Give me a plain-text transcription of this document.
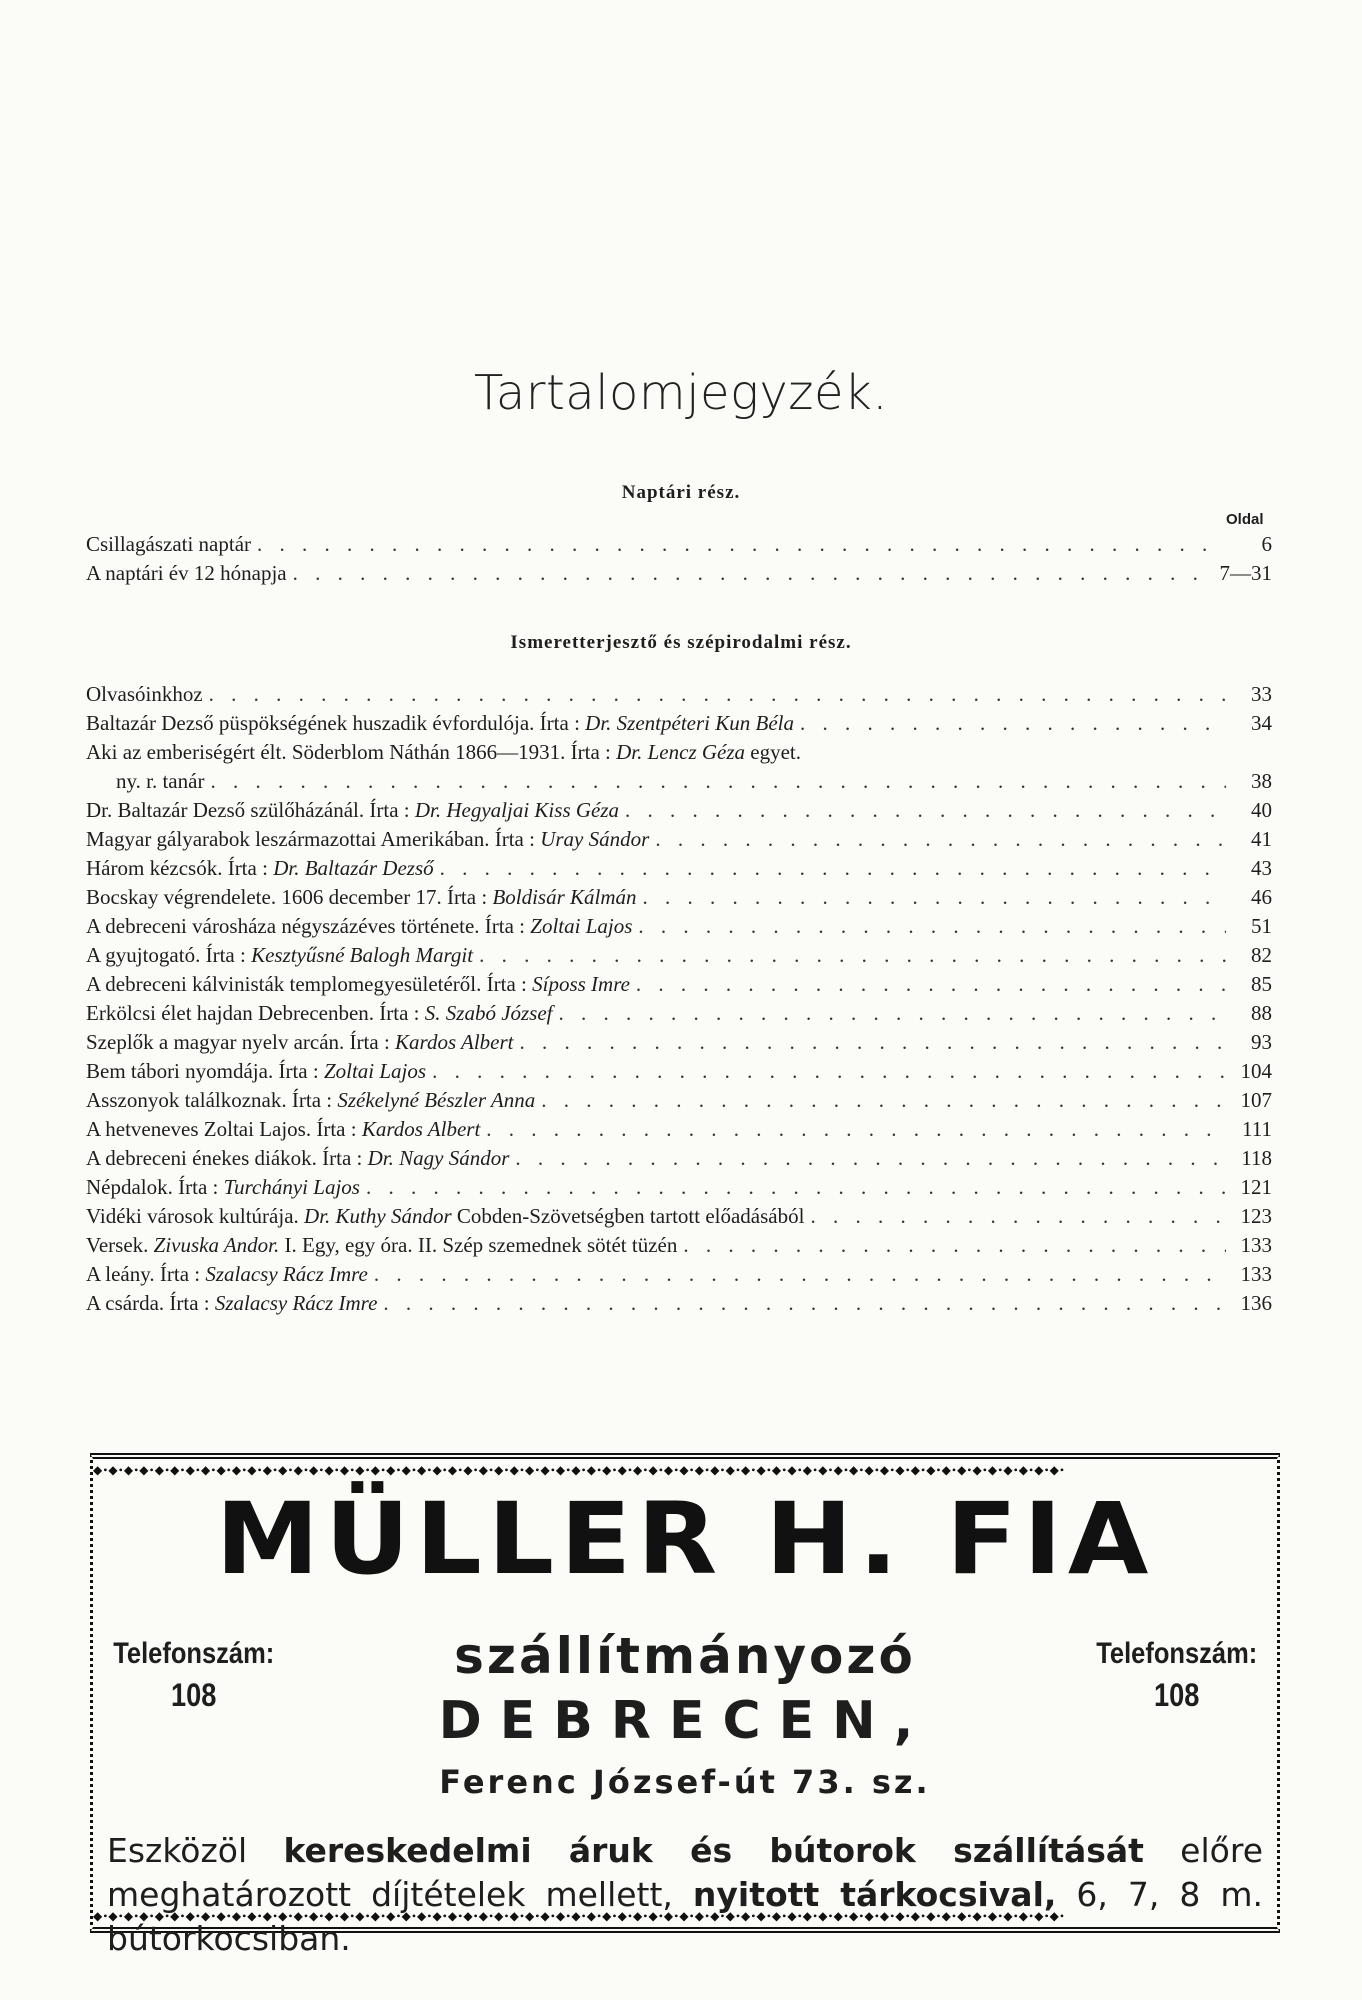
Tartalomjegyzék.
Naptári rész.
Oldal
Csillagászati naptár . . .	6
A naptári év 12 hónapja . . .	7—31
Ismeretterjesztő és szépirodalmi rész.
Olvasóinkhoz . . .	33
Baltazár Dezső püspökségének huszadik évfordulója. Írta : Dr. Szentpéteri Kun Béla . . .	34
Aki az emberiségért élt. Söderblom Náthán 1866—1931. Írta : Dr. Lencz Géza egyet.
ny. r. tanár . . .	38
Dr. Baltazár Dezső szülőházánál. Írta : Dr. Hegyaljai Kiss Géza . . .	40
Magyar gályarabok leszármazottai Amerikában. Írta : Uray Sándor . . .	41
Három kézcsók. Írta : Dr. Baltazár Dezső . . .	43
Bocskay végrendelete. 1606 december 17. Írta : Boldisár Kálmán . . .	46
A debreceni városháza négyszázéves története. Írta : Zoltai Lajos . . .	51
A gyujtogató. Írta : Kesztyűsné Balogh Margit . . .	82
A debreceni kálvinisták templomegyesületéről. Írta : Síposs Imre . . .	85
Erkölcsi élet hajdan Debrecenben. Írta : S. Szabó József . . .	88
Szeplők a magyar nyelv arcán. Írta : Kardos Albert . . .	93
Bem tábori nyomdája. Írta : Zoltai Lajos . . .	104
Asszonyok találkoznak. Írta : Székelyné Bészler Anna . . .	107
A hetveneves Zoltai Lajos. Írta : Kardos Albert . . .	111
A debreceni énekes diákok. Írta : Dr. Nagy Sándor . . .	118
Népdalok. Írta : Turchányi Lajos . . .	121
Vidéki városok kultúrája. Dr. Kuthy Sándor Cobden-Szövetségben tartott előadásából . . .	123
Versek. Zivuska Andor. I. Egy, egy óra. II. Szép szemednek sötét tüzén . . .	133
A leány. Írta : Szalacsy Rácz Imre . . .	133
A csárda. Írta : Szalacsy Rácz Imre . . .	136
◆•◆•◆•◆•◆•◆•◆•◆•◆•◆•◆•◆•◆•◆•◆•◆•◆•◆•◆•◆•◆•◆•◆•◆•◆•◆•◆•◆•◆•◆•◆•◆•◆•◆•◆•◆•◆•◆•◆•◆•◆•◆•◆•◆•◆•◆•◆•◆•◆•◆•◆•◆•◆•◆•◆•◆•◆•◆•◆•◆•◆•◆•◆•
MÜLLER H. FIA
szállítmányozó
Telefonszám:
108
Telefonszám:
108
DEBRECEN,
Ferenc József-út 73. sz.
Eszközöl kereskedelmi áruk és bútorok szállítását előre meghatározott díjtételek mellett, nyitott tárkocsival, 6, 7, 8 m. bútorkocsiban.
◆•◆•◆•◆•◆•◆•◆•◆•◆•◆•◆•◆•◆•◆•◆•◆•◆•◆•◆•◆•◆•◆•◆•◆•◆•◆•◆•◆•◆•◆•◆•◆•◆•◆•◆•◆•◆•◆•◆•◆•◆•◆•◆•◆•◆•◆•◆•◆•◆•◆•◆•◆•◆•◆•◆•◆•◆•◆•◆•◆•◆•◆•◆•
